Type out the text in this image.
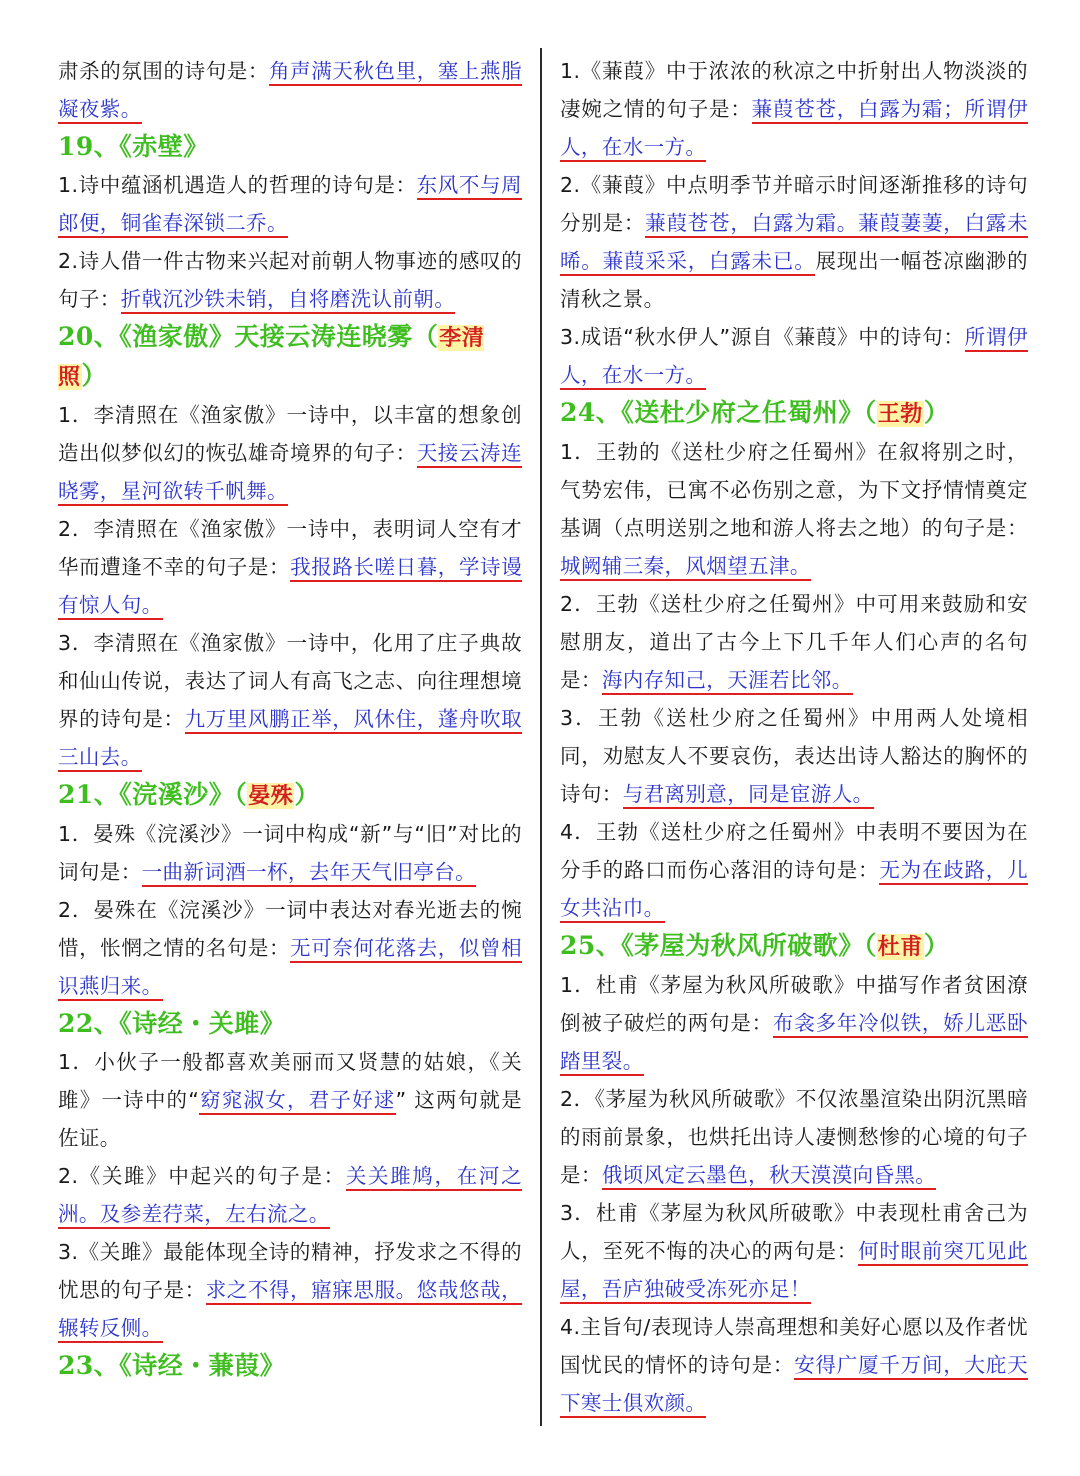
肃杀的氛围的诗句是：角声满天秋色里，塞上燕脂凝夜紫。

19、《赤壁》

1.诗中蕴涵机遇造人的哲理的诗句是：东风不与周郎便，铜雀春深锁二乔。

2.诗人借一件古物来兴起对前朝人物事迹的感叹的句子：折戟沉沙铁未销，自将磨洗认前朝。

20、《渔家傲》天接云涛连晓雾（李清照）

1．李清照在《渔家傲》一诗中，以丰富的想象创造出似梦似幻的恢弘雄奇境界的句子：天接云涛连晓雾，星河欲转千帆舞。

2．李清照在《渔家傲》一诗中，表明词人空有才华而遭逢不幸的句子是：我报路长嗟日暮，学诗谩有惊人句。

3．李清照在《渔家傲》一诗中，化用了庄子典故和仙山传说，表达了词人有高飞之志、向往理想境界的诗句是：九万里风鹏正举，风休住，蓬舟吹取三山去。

21、《浣溪沙》（晏殊）

1．晏殊《浣溪沙》一词中构成“新”与“旧”对比的词句是：一曲新词酒一杯，去年天气旧亭台。

2．晏殊在《浣溪沙》一词中表达对春光逝去的惋惜，怅惘之情的名句是：无可奈何花落去，似曾相识燕归来。

22、《诗经・关雎》

1．小伙子一般都喜欢美丽而又贤慧的姑娘，《关雎》一诗中的“窈窕淑女，君子好逑” 这两句就是佐证。

2.《关雎》中起兴的句子是：关关雎鸠，在河之洲。及参差荇菜，左右流之。

3.《关雎》最能体现全诗的精神，抒发求之不得的忧思的句子是：求之不得，寤寐思服。悠哉悠哉，辗转反侧。

23、《诗经・蒹葭》

1.《蒹葭》中于浓浓的秋凉之中折射出人物淡淡的凄婉之情的句子是：蒹葭苍苍，白露为霜；所谓伊人，在水一方。

2.《蒹葭》中点明季节并暗示时间逐渐推移的诗句分别是：蒹葭苍苍，白露为霜。蒹葭萋萋，白露未晞。蒹葭采采，白露未已。展现出一幅苍凉幽渺的清秋之景。

3.成语“秋水伊人”源自《蒹葭》中的诗句：所谓伊人，在水一方。

24、《送杜少府之任蜀州》（王勃）

1．王勃的《送杜少府之任蜀州》在叙将别之时，气势宏伟，已寓不必伤别之意，为下文抒情情奠定基调（点明送别之地和游人将去之地）的句子是：城阙辅三秦，风烟望五津。

2．王勃《送杜少府之任蜀州》中可用来鼓励和安慰朋友，道出了古今上下几千年人们心声的名句是：海内存知己，天涯若比邻。

3．王勃《送杜少府之任蜀州》中用两人处境相同，劝慰友人不要哀伤，表达出诗人豁达的胸怀的诗句：与君离别意，同是宦游人。

4．王勃《送杜少府之任蜀州》中表明不要因为在分手的路口而伤心落泪的诗句是：无为在歧路，儿女共沾巾。

25、《茅屋为秋风所破歌》（杜甫）

1．杜甫《茅屋为秋风所破歌》中描写作者贫困潦倒被子破烂的两句是：布衾多年冷似铁，娇儿恶卧踏里裂。

2．《茅屋为秋风所破歌》不仅浓墨渲染出阴沉黑暗的雨前景象，也烘托出诗人凄恻愁惨的心境的句子是：俄顷风定云墨色，秋天漠漠向昏黑。

3．杜甫《茅屋为秋风所破歌》中表现杜甫舍己为人，至死不悔的决心的两句是：何时眼前突兀见此屋，吾庐独破受冻死亦足！

4.主旨句/表现诗人崇高理想和美好心愿以及作者忧国忧民的情怀的诗句是：安得广厦千万间，大庇天下寒士俱欢颜。
